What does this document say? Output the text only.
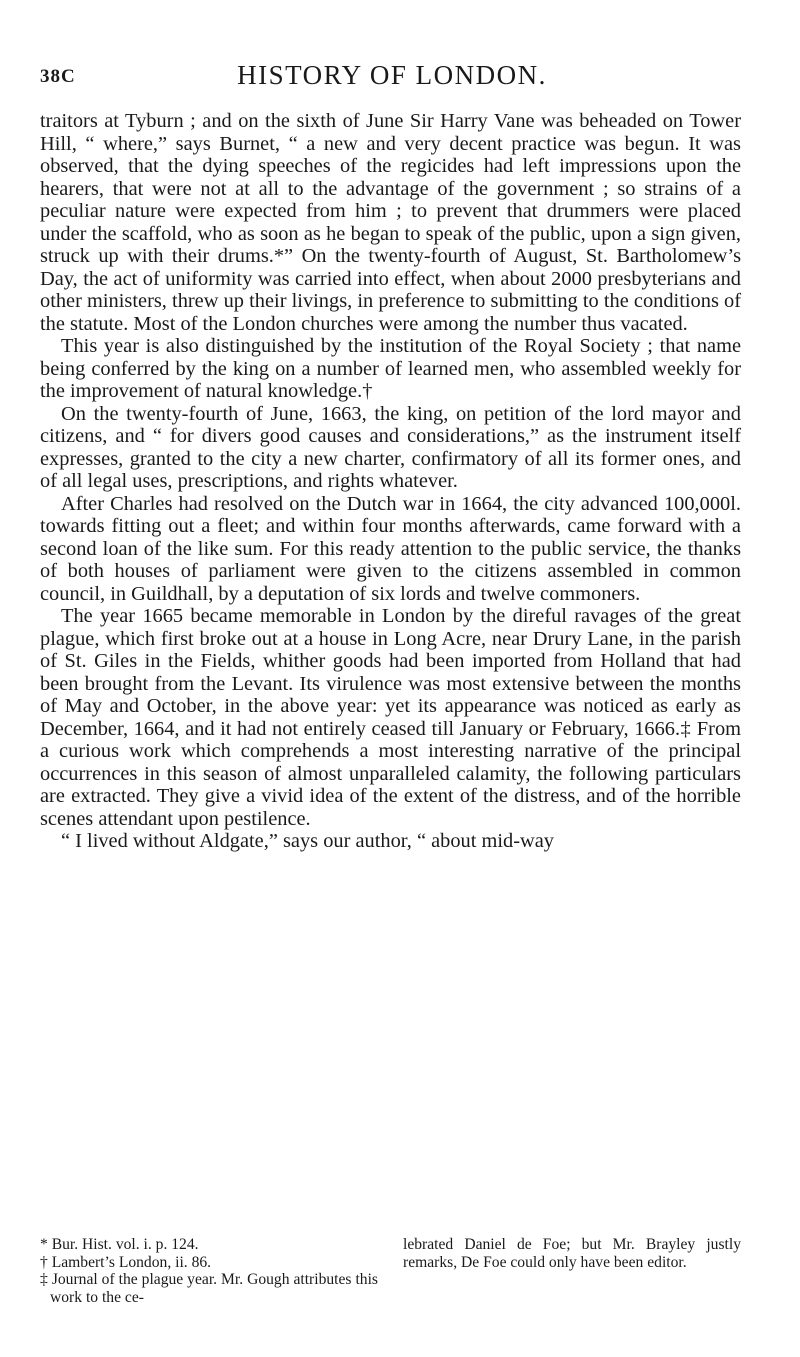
38C	HISTORY OF LONDON.

traitors at Tyburn ; and on the sixth of June Sir Harry Vane was beheaded on Tower Hill, “ where,” says Burnet, “ a new and very decent practice was begun. It was observed, that the dying speeches of the regicides had left impressions upon the hearers, that were not at all to the advantage of the government ; so strains of a peculiar nature were expected from him ; to prevent that drummers were placed under the scaffold, who as soon as he began to speak of the public, upon a sign given, struck up with their drums.*” On the twenty-fourth of August, St. Bartholomew’s Day, the act of uniformity was carried into effect, when about 2000 presbyterians and other ministers, threw up their livings, in preference to submitting to the conditions of the statute. Most of the London churches were among the number thus vacated.

This year is also distinguished by the institution of the Royal Society ; that name being conferred by the king on a number of learned men, who assembled weekly for the improvement of natural knowledge.†

On the twenty-fourth of June, 1663, the king, on petition of the lord mayor and citizens, and “ for divers good causes and considerations,” as the instrument itself expresses, granted to the city a new charter, confirmatory of all its former ones, and of all legal uses, prescriptions, and rights whatever.

After Charles had resolved on the Dutch war in 1664, the city advanced 100,000l. towards fitting out a fleet; and within four months afterwards, came forward with a second loan of the like sum. For this ready attention to the public service, the thanks of both houses of parliament were given to the citizens assembled in common council, in Guildhall, by a deputation of six lords and twelve commoners.

The year 1665 became memorable in London by the direful ravages of the great plague, which first broke out at a house in Long Acre, near Drury Lane, in the parish of St. Giles in the Fields, whither goods had been imported from Holland that had been brought from the Levant. Its virulence was most extensive between the months of May and October, in the above year: yet its appearance was noticed as early as December, 1664, and it had not entirely ceased till January or February, 1666.‡ From a curious work which comprehends a most interesting narrative of the principal occurrences in this season of almost unparalleled calamity, the following particulars are extracted. They give a vivid idea of the extent of the distress, and of the horrible scenes attendant upon pestilence.

“ I lived without Aldgate,” says our author, “ about mid-way

* Bur. Hist. vol. i. p. 124.
† Lambert’s London, ii. 86.
‡ Journal of the plague year. Mr. Gough attributes this work to the ce-
lebrated Daniel de Foe; but Mr. Brayley justly remarks, De Foe could only have been editor.
